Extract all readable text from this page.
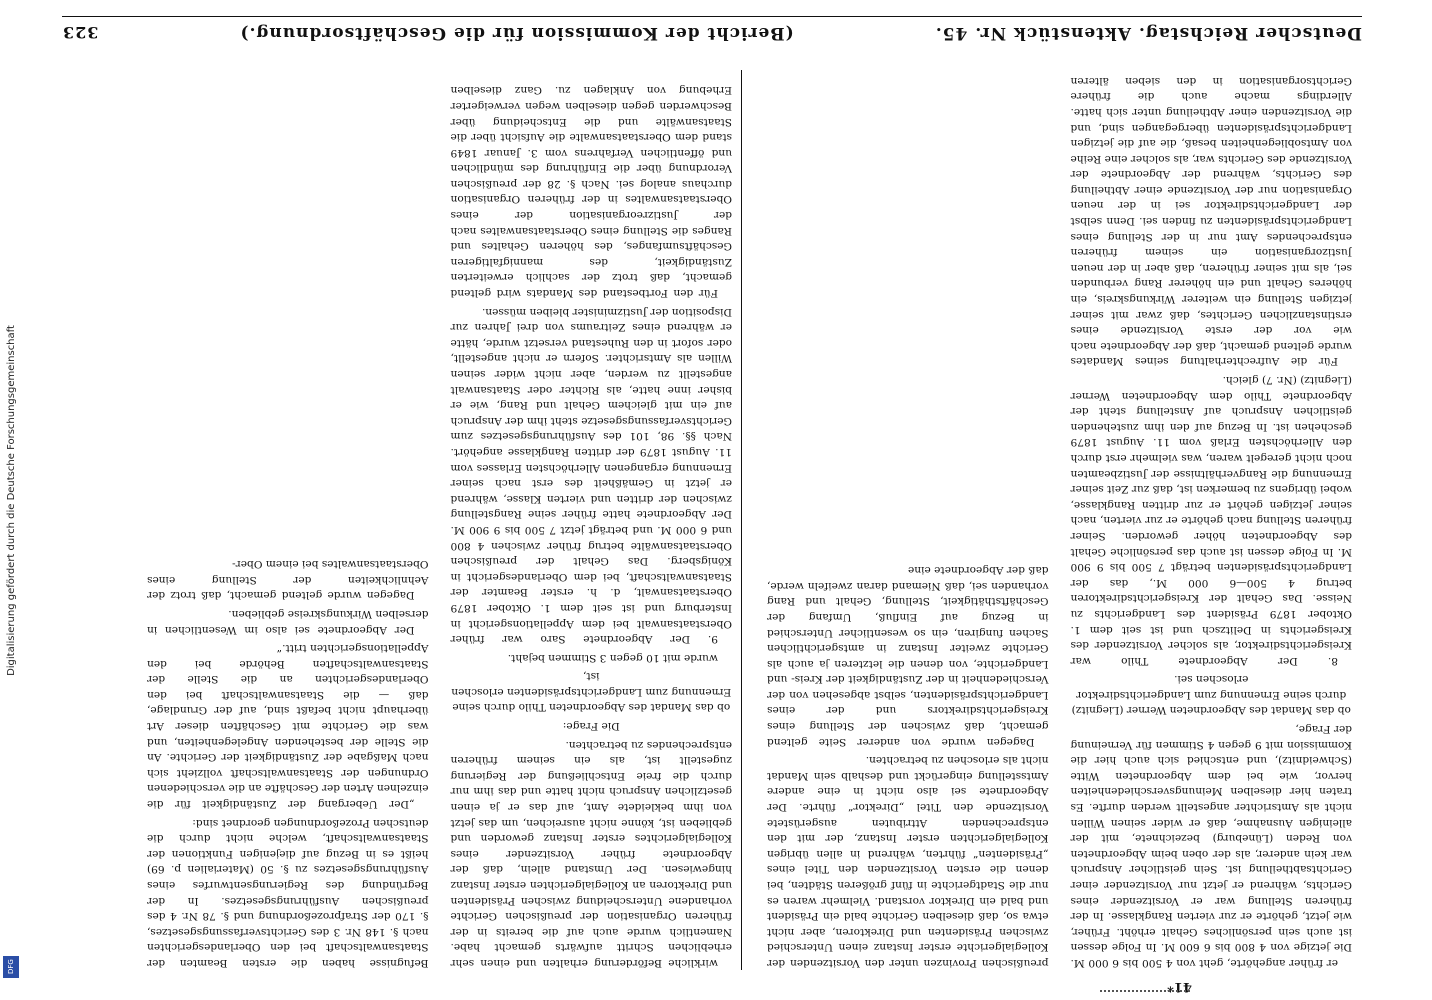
Digitalisierung gefördert durch die Deutsche Forschungsgemeinschaft
DFG
Deutscher Reichstag. Aktenstück Nr. 45.
(Bericht der Kommission für die Geschäftsordnung.)
323

er früher angehörte, geht von 4 500 bis 6 000 M. Die jetzige von 4 800 bis 6 600 M. In Folge dessen ist auch sein persönliches Gehalt erhöht. Früher, wie jetzt, gehörte er zur vierten Rangklasse. In der früheren Stellung war er Vorsitzender eines Gerichts, während er jetzt nur Vorsitzender einer Gerichtsabtheilung ist. Sein geistlicher Anspruch war kein anderer, als der oben beim Abgeordneten von Reden (Lüneburg) bezeichnete, mit der alleinigen Ausnahme, daß er wider seinen Willen nicht als Amtsrichter angestellt werden durfte. Es traten hier dieselben Meinungsverschiedenheiten hervor, wie bei dem Abgeordneten Witte (Schweidnitz), und entschied sich auch hier die Kommission mit 9 gegen 4 Stimmen für Verneinung der Frage,

ob das Mandat des Abgeordneten Werner (Liegnitz) durch seine Ernennung zum Landgerichtsdirektor erloschen sei.

8. Der Abgeordnete Thilo war Kreisgerichtsdirektor, als solcher Vorsitzender des Kreisgerichts in Delitzsch und ist seit dem 1. Oktober 1879 Präsident des Landgerichts zu Neisse. Das Gehalt der Kreisgerichtsdirektoren betrug 4 500—6 000 M., das der Landgerichtspräsidenten beträgt 7 500 bis 9 900 M. In Folge dessen ist auch das persönliche Gehalt des Abgeordneten höher geworden. Seiner früheren Stellung nach gehörte er zur vierten, nach seiner jetzigen gehört er zur dritten Rangklasse, wobei übrigens zu bemerken ist, daß zur Zeit seiner Ernennung die Rangverhältnisse der Justizbeamten noch nicht geregelt waren, was vielmehr erst durch den Allerhöchsten Erlaß vom 11. August 1879 geschehen ist. In Bezug auf den ihm zustehenden geistlichen Anspruch auf Anstellung steht der Abgeordnete Thilo dem Abgeordneten Werner (Liegnitz) (Nr. 7) gleich.

Für die Aufrechterhaltung seines Mandates wurde geltend gemacht, daß der Abgeordnete nach wie vor der erste Vorsitzende eines erstinstanzlichen Gerichtes, daß zwar mit seiner jetzigen Stellung ein weiterer Wirkungskreis, ein höheres Gehalt und ein höherer Rang verbunden sei, als mit seiner früheren, daß aber in der neuen Justizorganisation ein seinem früheren entsprechendes Amt nur in der Stellung eines Landgerichtspräsidenten zu finden sei. Denn selbst der Landgerichtsdirektor sei in der neuen Organisation nur der Vorsitzende einer Abtheilung des Gerichts, während der Abgeordnete der Vorsitzende des Gerichts war, als solcher eine Reihe von Amtsobliegenheiten besaß, die auf die jetzigen Landgerichtspräsidenten übergegangen sind, und die Vorsitzenden einer Abtheilung unter sich hatte. Allerdings mache auch die frühere Gerichtsorganisation in den sieben älteren preußischen Provinzen unter den Vorsitzenden der Kollegialgerichte erster Instanz einen Unterschied zwischen Präsidenten und Direktoren, aber nicht etwa so, daß dieselben Gerichte bald ein Präsident und bald ein Direktor vorstand. Vielmehr waren es nur die Stadtgerichte in fünf größeren Städten, bei denen die ersten Vorsitzenden den Titel eines „Präsidenten“ führten, während in allen übrigen Kollegialgerichten erster Instanz, der mit den entsprechenden Attributen ausgerüstete Vorsitzende den Titel „Direktor“ führte. Der Abgeordnete sei also nicht in eine andere Amtsstellung eingerückt und deshalb sein Mandat nicht als erloschen zu betrachten.

Dagegen wurde von anderer Seite geltend gemacht, daß zwischen der Stellung eines Kreisgerichtsdirektors und der eines Landgerichtspräsidenten, selbst abgesehen von der Verschiedenheit in der Zuständigkeit der Kreis- und Landgerichte, von denen die letzteren ja auch als Gerichte zweiter Instanz in amtsgerichtlichen Sachen fungiren, ein so wesentlicher Unterschied in Bezug auf Einfluß, Umfang der Geschäftsthätigkeit, Stellung, Gehalt und Rang vorhanden sei, daß Niemand daran zweifeln werde, daß der Abgeordnete eine

wirkliche Beförderung erhalten und einen sehr erheblichen Schritt aufwärts gemacht habe. Namentlich wurde auch auf die bereits in der früheren Organisation der preußischen Gerichte vorhandene Unterscheidung zwischen Präsidenten und Direktoren an Kollegialgerichten erster Instanz hingewiesen. Der Umstand allein, daß der Abgeordnete früher Vorsitzender eines Kollegialgerichtes erster Instanz geworden und geblieben ist, könne nicht ausreichen, um das jetzt von ihm bekleidete Amt, auf das er ja einen gesetzlichen Anspruch nicht hatte und das ihm nur durch die freie Entschließung der Regierung zugestellt ist, als ein seinem früheren entsprechendes zu betrachten.

Die Frage:

ob das Mandat des Abgeordneten Thilo durch seine Ernennung zum Landgerichtspräsidenten erloschen ist,

wurde mit 10 gegen 3 Stimmen bejaht.

9. Der Abgeordnete Saro war früher Oberstaatsanwalt bei dem Appellationsgericht in Insterburg und ist seit dem 1. Oktober 1879 Oberstaatsanwalt, d. h. erster Beamter der Staatsanwaltschaft, bei dem Oberlandesgericht in Königsberg. Das Gehalt der preußischen Oberstaatsanwälte betrug früher zwischen 4 800 und 6 000 M. und beträgt jetzt 7 500 bis 9 900 M. Der Abgeordnete hatte früher seine Rangstellung zwischen der dritten und vierten Klasse, während er jetzt in Gemäßheit des erst nach seiner Ernennung ergangenen Allerhöchsten Erlasses vom 11. August 1879 der dritten Rangklasse angehört. Nach §§. 98, 101 des Ausführungsgesetzes zum Gerichtsverfassungsgesetze steht ihm der Anspruch auf ein mit gleichem Gehalt und Rang, wie er bisher inne hatte, als Richter oder Staatsanwalt angestellt zu werden, aber nicht wider seinen Willen als Amtsrichter. Sofern er nicht angestellt, oder sofort in den Ruhestand versetzt wurde, hätte er während eines Zeitraums von drei Jahren zur Disposition der Justizminister bleiben müssen.

Für den Fortbestand des Mandats wird geltend gemacht, daß trotz der sachlich erweiterten Zuständigkeit, des mannigfaltigeren Geschäftsumfanges, des höheren Gehaltes und Ranges die Stellung eines Oberstaatsanwaltes nach der Justizreorganisation der eines Oberstaatsanwaltes in der früheren Organisation durchaus analog sei. Nach §. 28 der preußischen Verordnung über die Einführung des mündlichen und öffentlichen Verfahrens vom 3. Januar 1849 stand dem Oberstaatsanwalte die Aufsicht über die Staatsanwälte und die Entscheidung über Beschwerden gegen dieselben wegen verweigerter Erhebung von Anklagen zu. Ganz dieselben Befugnisse haben die ersten Beamten der Staatsanwaltschaft bei den Oberlandesgerichten nach §. 148 Nr. 3 des Gerichtsverfassungsgesetzes, §. 170 der Strafprozeßordnung und §. 78 Nr. 4 des preußischen Ausführungsgesetzes. In der Begründung des Regierungsentwurfes eines Ausführungsgesetzes zu §. 50 (Materialien p. 69) heißt es in Bezug auf diejenigen Funktionen der Staatsanwaltschaft, welche nicht durch die deutschen Prozeßordnungen geordnet sind:

„Der Uebergang der Zuständigkeit für die einzelnen Arten der Geschäfte an die verschiedenen Ordnungen der Staatsanwaltschaft vollzieht sich nach Maßgabe der Zuständigkeit der Gerichte. An die Stelle der bestehenden Angelegenheiten, und was die Gerichte mit Geschäften dieser Art überhaupt nicht befaßt sind, auf der Grundlage, daß — die Staatsanwaltschaft bei den Oberlandesgerichten an die Stelle der Staatsanwaltschaften Behörde bei den Appellationsgerichten tritt.“

Der Abgeordnete sei also im Wesentlichen in derselben Wirkungskreise geblieben.

Dagegen wurde geltend gemacht, daß trotz der Aehnlichkeiten der Stellung eines Oberstaatsanwaltes bei einem Ober-

41*
